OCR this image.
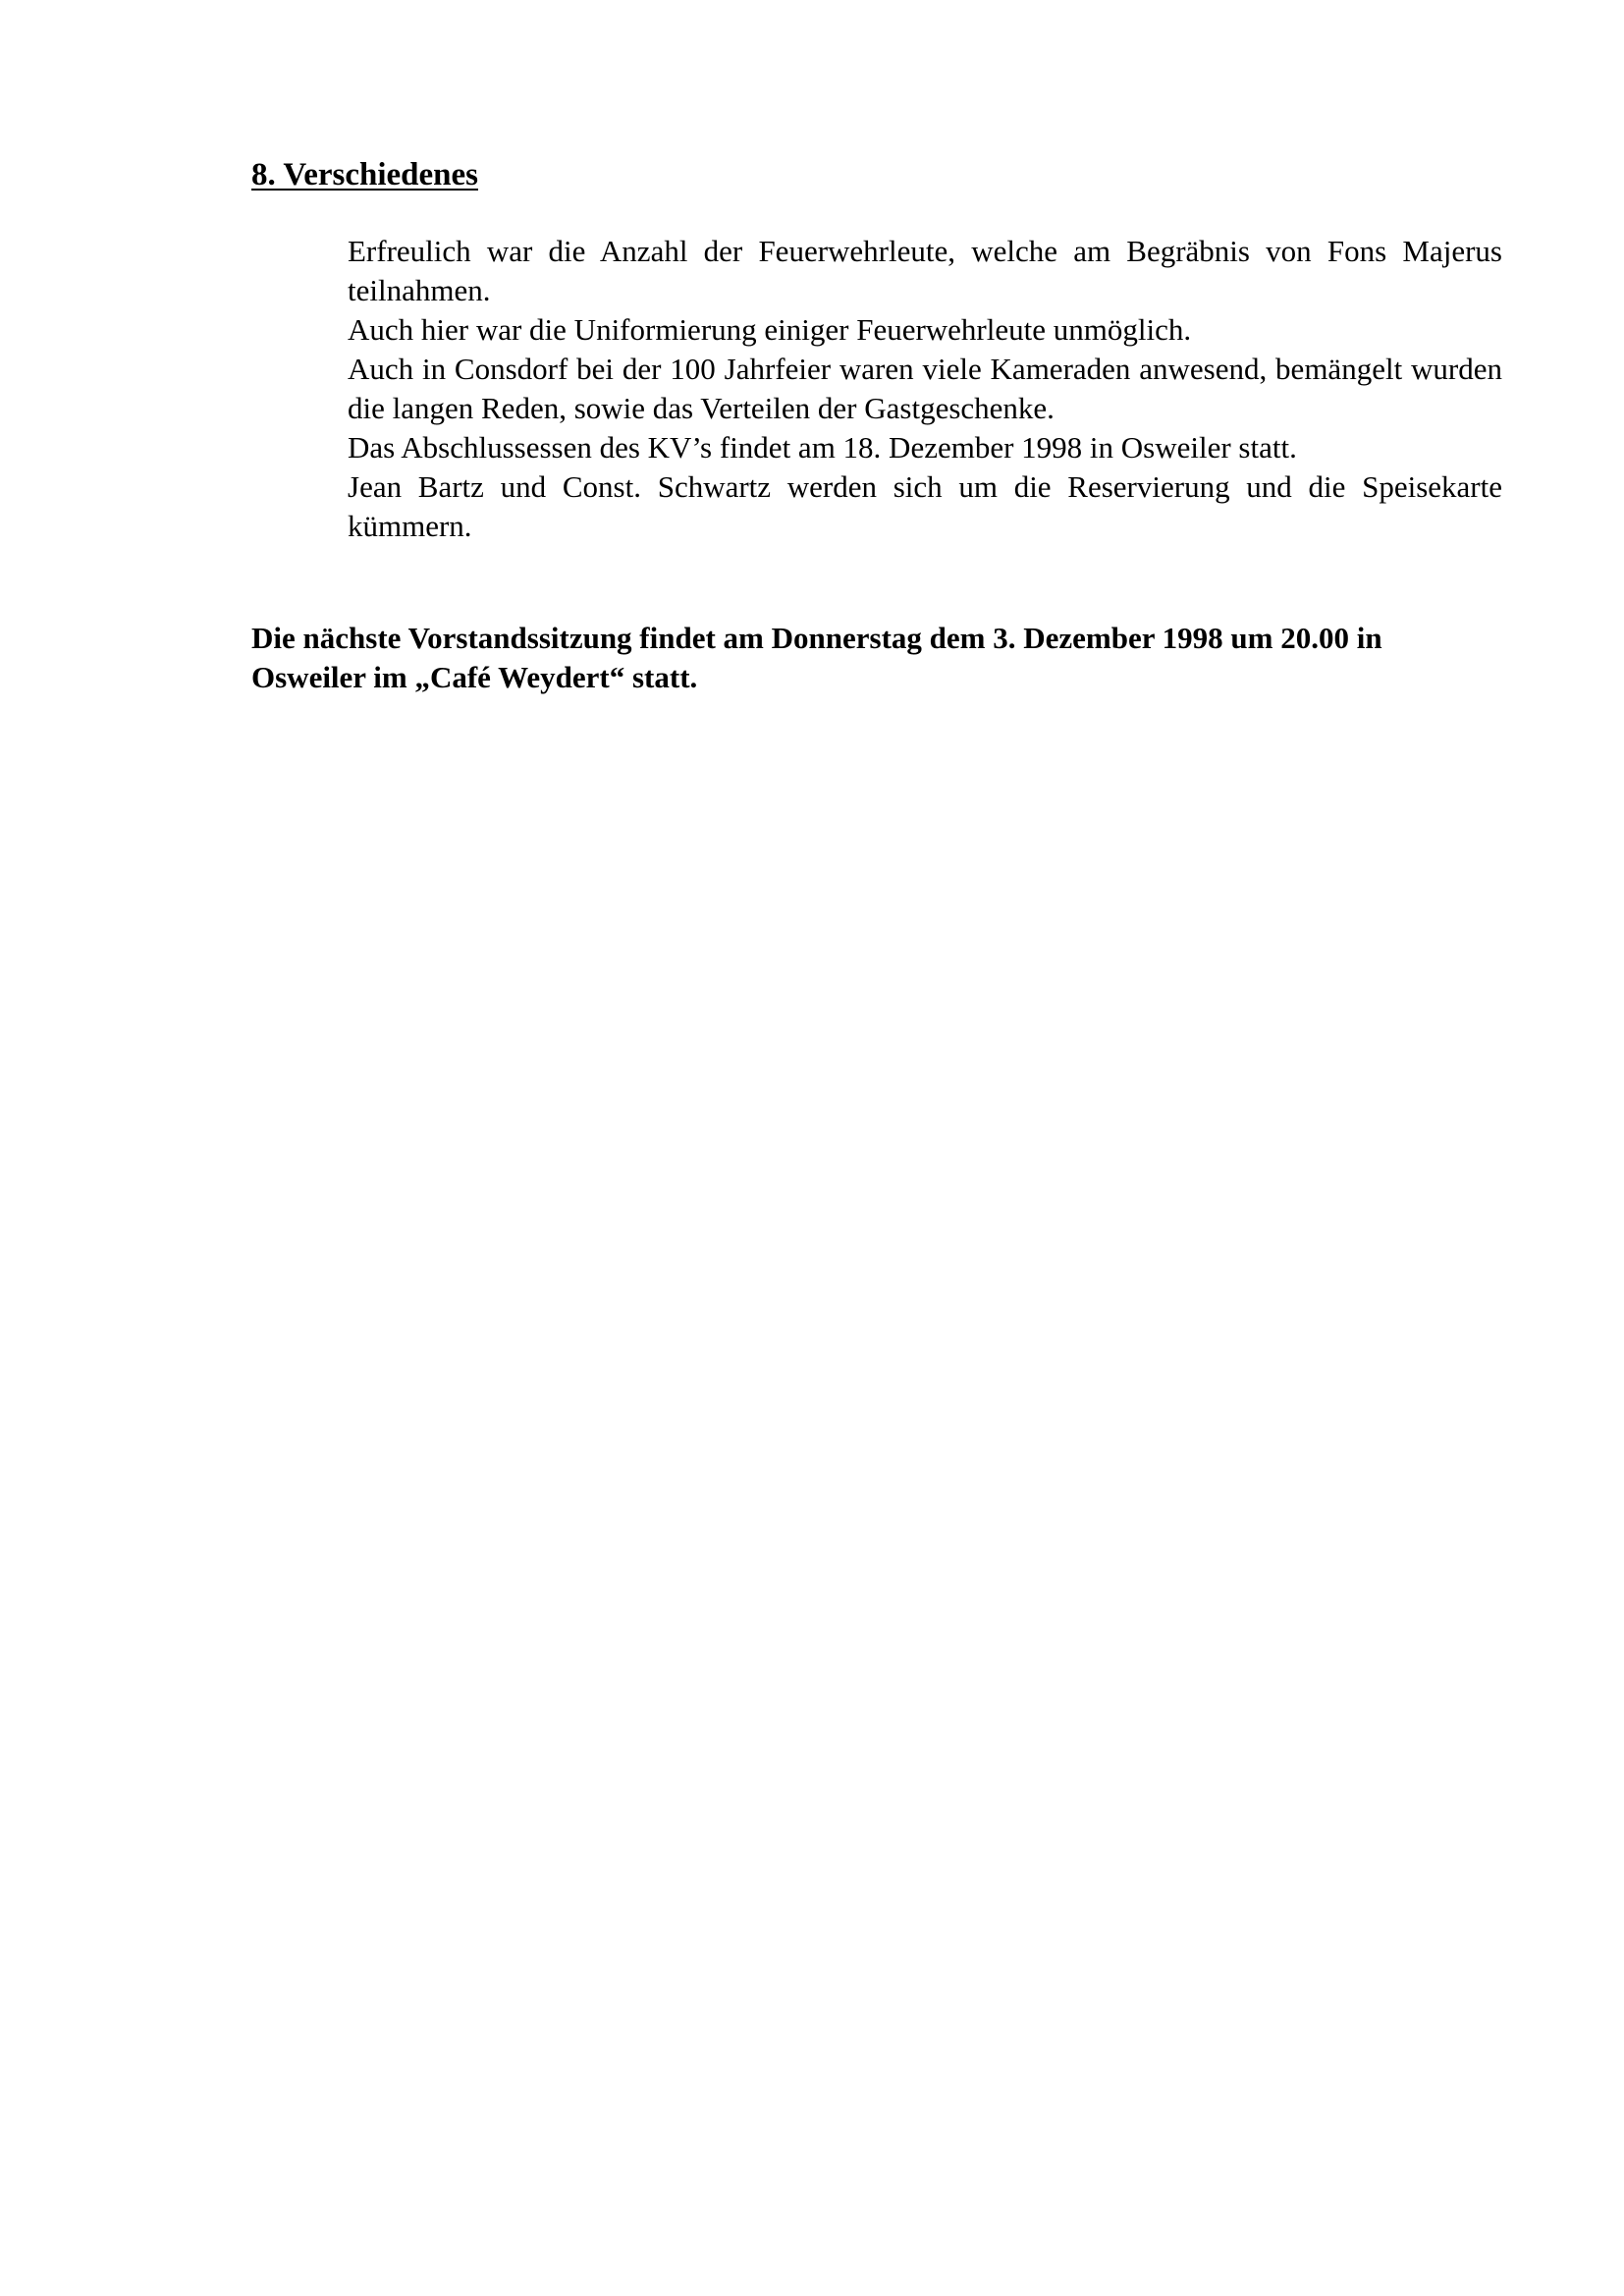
8. Verschiedenes

Erfreulich war die Anzahl der Feuerwehrleute, welche am Begräbnis von Fons Majerus teilnahmen.

Auch hier war die Uniformierung einiger Feuerwehrleute unmöglich.

Auch in Consdorf bei der 100 Jahrfeier waren viele Kameraden anwesend, bemängelt wurden die langen Reden, sowie das Verteilen der Gastgeschenke.

Das Abschlussessen des KV’s findet am 18. Dezember 1998 in Osweiler statt.

Jean Bartz und Const. Schwartz werden sich um die Reservierung und die Speisekarte kümmern.

Die nächste Vorstandssitzung findet am Donnerstag dem 3. Dezember 1998 um 20.00 in
Osweiler im „Café Weydert“ statt.
